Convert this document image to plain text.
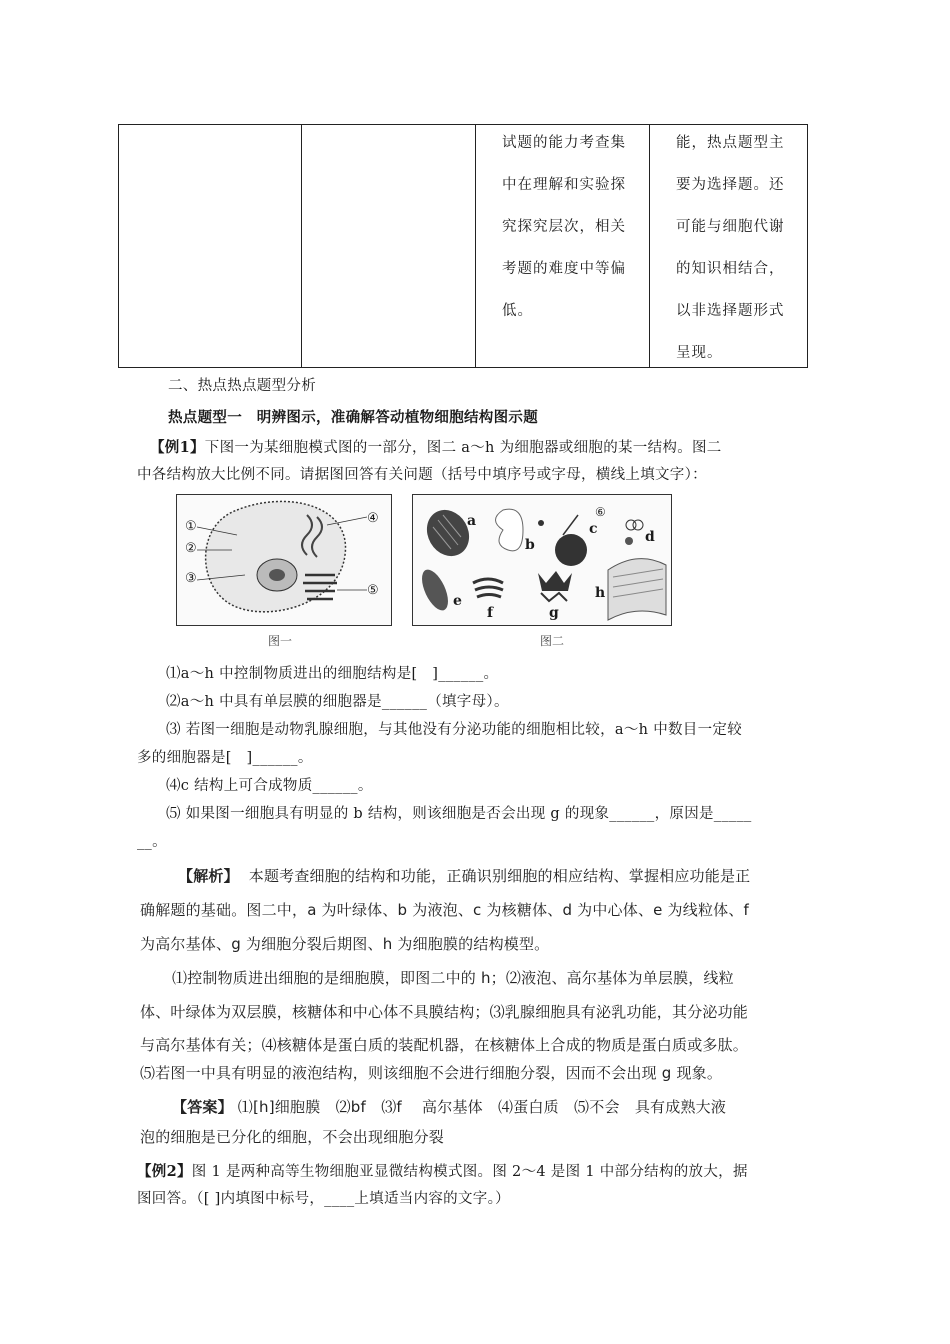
试题的能力考查集
中在理解和实验探
究探究层次，相关
考题的难度中等偏
低。
能，热点题型主
要为选择题。还
可能与细胞代谢
的知识相结合，
以非选择题形式
呈现。
二、热点热点题型分析
热点题型一　明辨图示，准确解答动植物细胞结构图示题
【例1】下图一为某细胞模式图的一部分，图二 a～h 为细胞器或细胞的某一结构。图二
中各结构放大比例不同。请据图回答有关问题（括号中填序号或字母，横线上填文字）：
①
②
③
④
⑤
图一
a
b
c	d
e
f	g
h
⑥
图二
⑴a～h 中控制物质进出的细胞结构是[　]______。
⑵a～h 中具有单层膜的细胞器是______（填字母）。
⑶ 若图一细胞是动物乳腺细胞，与其他没有分泌功能的细胞相比较，a～h 中数目一定较
多的细胞器是[　]______。
⑷c 结构上可合成物质______。
⑸ 如果图一细胞具有明显的 b 结构，则该细胞是否会出现 g 的现象______，原因是_____
__。
【解析】 本题考查细胞的结构和功能，正确识别细胞的相应结构、掌握相应功能是正
确解题的基础。图二中，a 为叶绿体、b 为液泡、c 为核糖体、d 为中心体、e 为线粒体、f
为高尔基体、g 为细胞分裂后期图、h 为细胞膜的结构模型。
⑴控制物质进出细胞的是细胞膜，即图二中的 h；⑵液泡、高尔基体为单层膜，线粒
体、叶绿体为双层膜，核糖体和中心体不具膜结构；⑶乳腺细胞具有泌乳功能，其分泌功能
与高尔基体有关；⑷核糖体是蛋白质的装配机器，在核糖体上合成的物质是蛋白质或多肽。
⑸若图一中具有明显的液泡结构，则该细胞不会进行细胞分裂，因而不会出现 g 现象。
【答案】 ⑴[h]细胞膜　⑵bf　⑶f　 高尔基体　⑷蛋白质　⑸不会　具有成熟大液
泡的细胞是已分化的细胞，不会出现细胞分裂
【例2】图 1 是两种高等生物细胞亚显微结构模式图。图 2～4 是图 1 中部分结构的放大，据
图回答。（[ ]内填图中标号，____上填适当内容的文字。）
